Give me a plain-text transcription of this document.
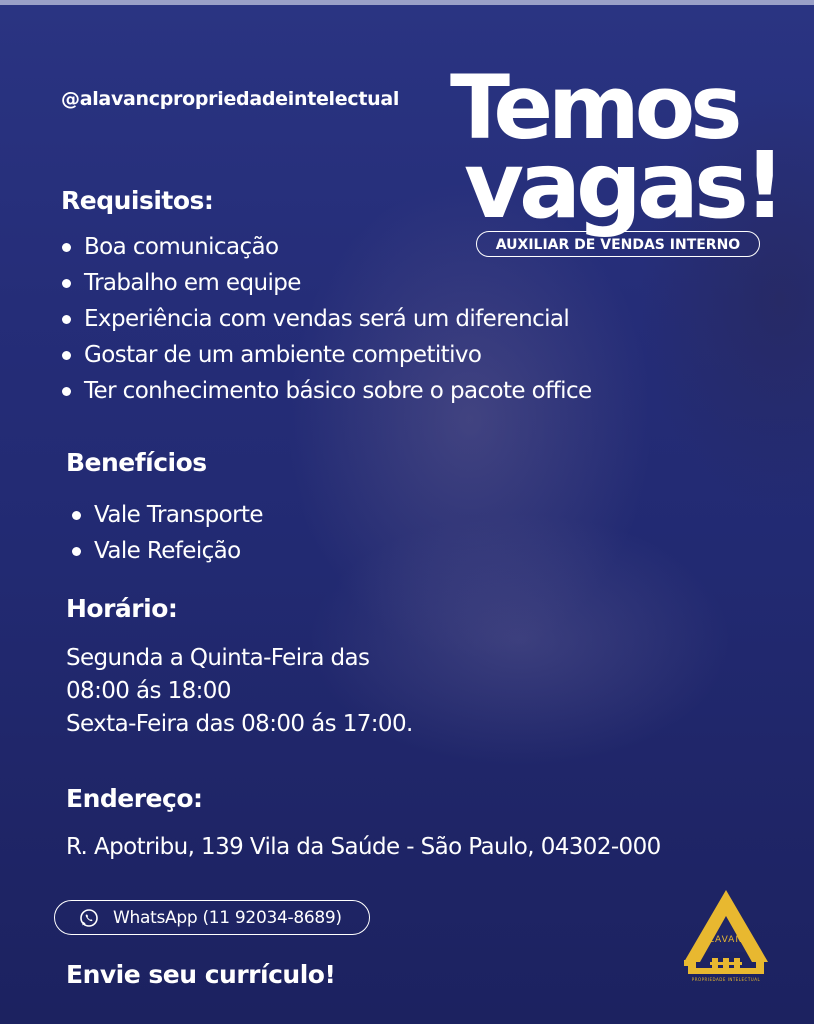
@alavancpropriedadeintelectual Temos
vagas!
AUXILIAR DE VENDAS INTERNO
Requisitos:
Boa comunicação
Trabalho em equipe
Experiência com vendas será um diferencial
Gostar de um ambiente competitivo
Ter conhecimento básico sobre o pacote office
Benefícios
Vale Transporte
Vale Refeição
Horário:
Segunda a Quinta-Feira das
08:00 ás 18:00
Sexta-Feira das 08:00 ás 17:00.
Endereço:
R. Apotribu, 139 Vila da Saúde - São Paulo, 04302-000
WhatsApp (11 92034-8689)
Envie seu currículo!
ALAVANC
PROPRIEDADE INTELECTUAL
